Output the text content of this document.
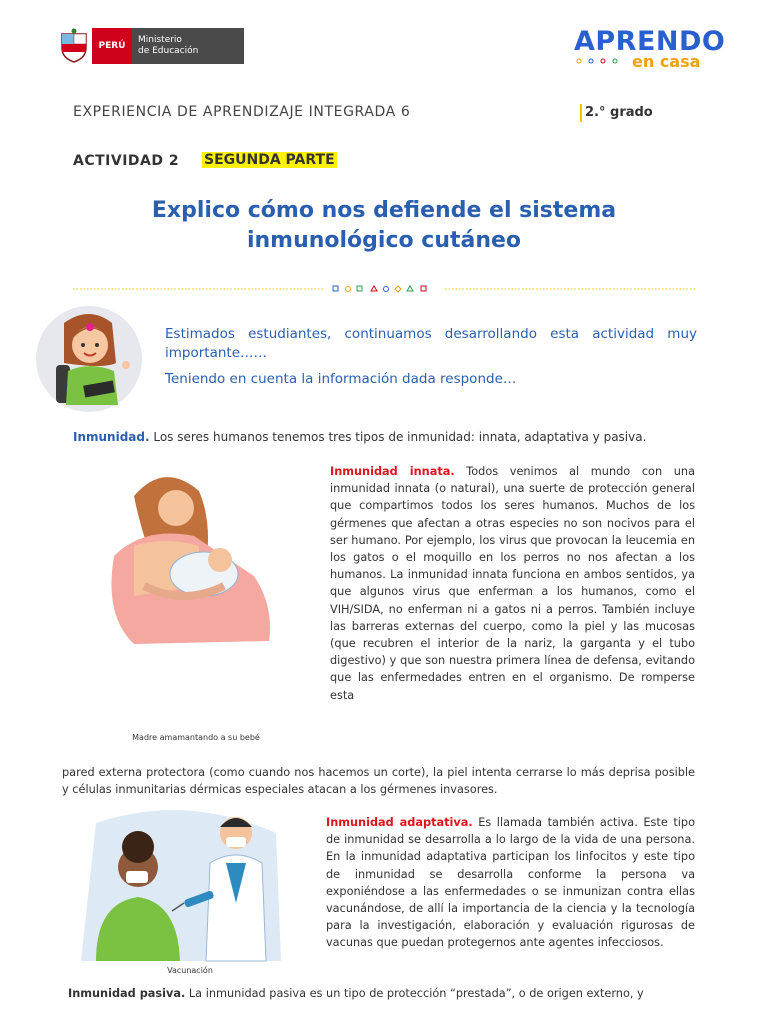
PERÚ
Ministerio
de Educación	APRENDO
en casa
EXPERIENCIA DE APRENDIZAJE INTEGRADA 6	2.° grado
ACTIVIDAD 2 SEGUNDA PARTE
Explico cómo nos defiende el sistema
inmunológico cutáneo
Estimados estudiantes, continuamos desarrollando esta actividad muy importante……
Teniendo en cuenta la información dada responde…
Inmunidad. Los seres humanos tenemos tres tipos de inmunidad: innata, adaptativa y pasiva.
Madre amamantando a su bebé
Inmunidad innata. Todos venimos al mundo con una inmunidad innata (o natural), una suerte de protección general que compartimos todos los seres humanos. Muchos de los gérmenes que afectan a otras especies no son nocivos para el ser humano. Por ejemplo, los virus que provocan la leucemia en los gatos o el moquillo en los perros no nos afectan a los humanos. La inmunidad innata funciona en ambos sentidos, ya que algunos virus que enferman a los humanos, como el VIH/SIDA, no enferman ni a gatos ni a perros. También incluye las barreras externas del cuerpo, como la piel y las mucosas (que recubren el interior de la nariz, la garganta y el tubo digestivo) y que son nuestra primera línea de defensa, evitando que las enfermedades entren en el organismo. De romperse esta
pared externa protectora (como cuando nos hacemos un corte), la piel intenta cerrarse lo más deprisa posible y células inmunitarias dérmicas especiales atacan a los gérmenes invasores.
Vacunación
Inmunidad adaptativa. Es llamada también activa. Este tipo de inmunidad se desarrolla a lo largo de la vida de una persona. En la inmunidad adaptativa participan los linfocitos y este tipo de inmunidad se desarrolla conforme la persona va exponiéndose a las enfermedades o se inmunizan contra ellas vacunándose, de allí la importancia de la ciencia y la tecnología para la investigación, elaboración y evaluación rigurosas de vacunas que puedan protegernos ante agentes infecciosos.
Inmunidad pasiva. La inmunidad pasiva es un tipo de protección “prestada”, o de origen externo, y
